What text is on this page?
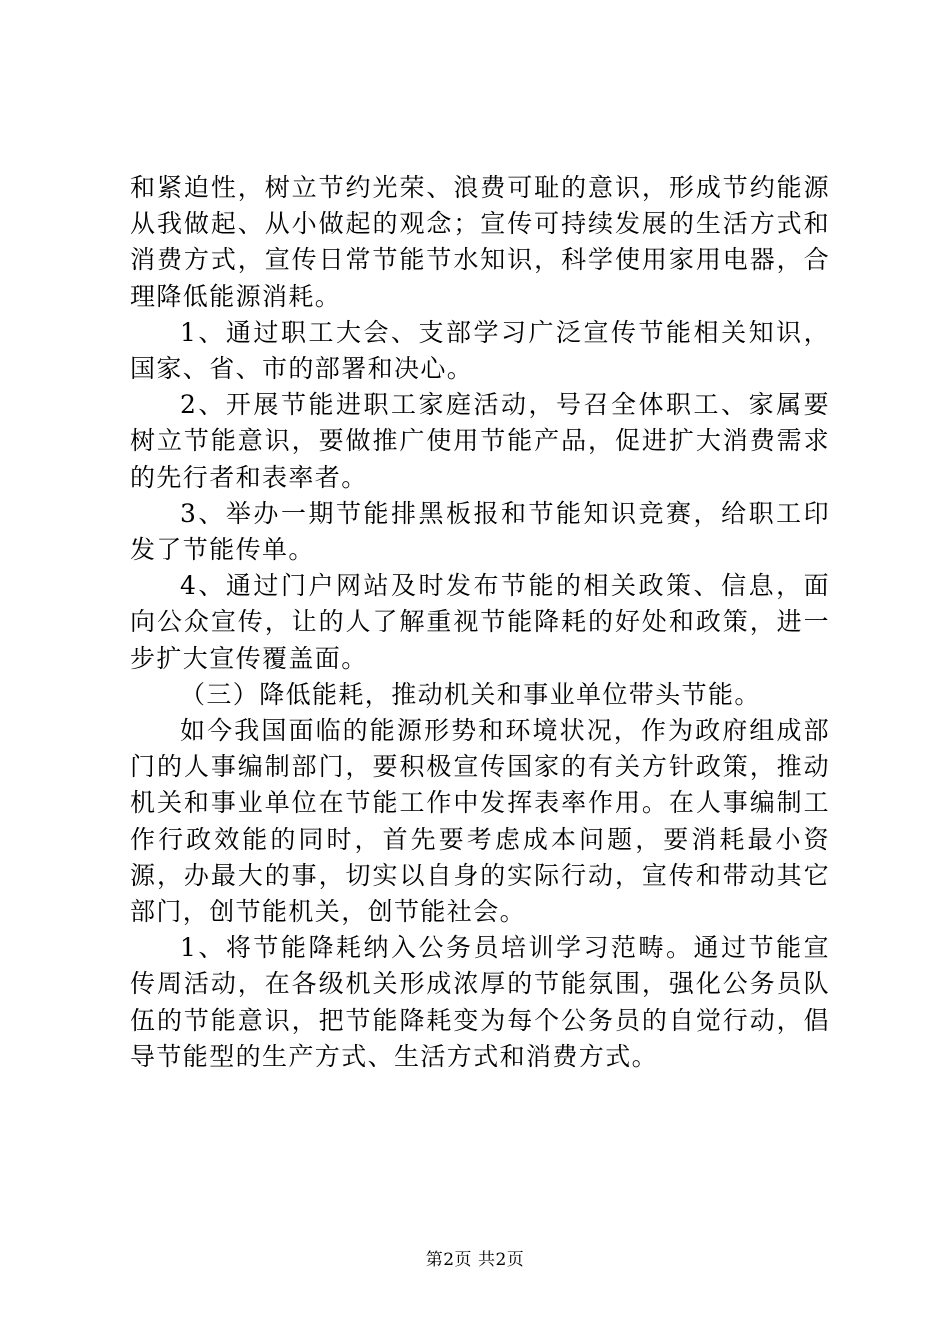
和紧迫性，树立节约光荣、浪费可耻的意识，形成节约能源从我做起、从小做起的观念；宣传可持续发展的生活方式和消费方式，宣传日常节能节水知识，科学使用家用电器，合理降低能源消耗。

1、通过职工大会、支部学习广泛宣传节能相关知识，国家、省、市的部署和决心。

2、开展节能进职工家庭活动，号召全体职工、家属要树立节能意识，要做推广使用节能产品，促进扩大消费需求的先行者和表率者。

3、举办一期节能排黑板报和节能知识竞赛，给职工印发了节能传单。

4、通过门户网站及时发布节能的相关政策、信息，面向公众宣传，让的人了解重视节能降耗的好处和政策，进一步扩大宣传覆盖面。

（三）降低能耗，推动机关和事业单位带头节能。

如今我国面临的能源形势和环境状况，作为政府组成部门的人事编制部门，要积极宣传国家的有关方针政策，推动机关和事业单位在节能工作中发挥表率作用。在人事编制工作行政效能的同时，首先要考虑成本问题，要消耗最小资源，办最大的事，切实以自身的实际行动，宣传和带动其它部门，创节能机关，创节能社会。

1、将节能降耗纳入公务员培训学习范畴。通过节能宣传周活动，在各级机关形成浓厚的节能氛围，强化公务员队伍的节能意识，把节能降耗变为每个公务员的自觉行动，倡导节能型的生产方式、生活方式和消费方式。

第2页 共2页
